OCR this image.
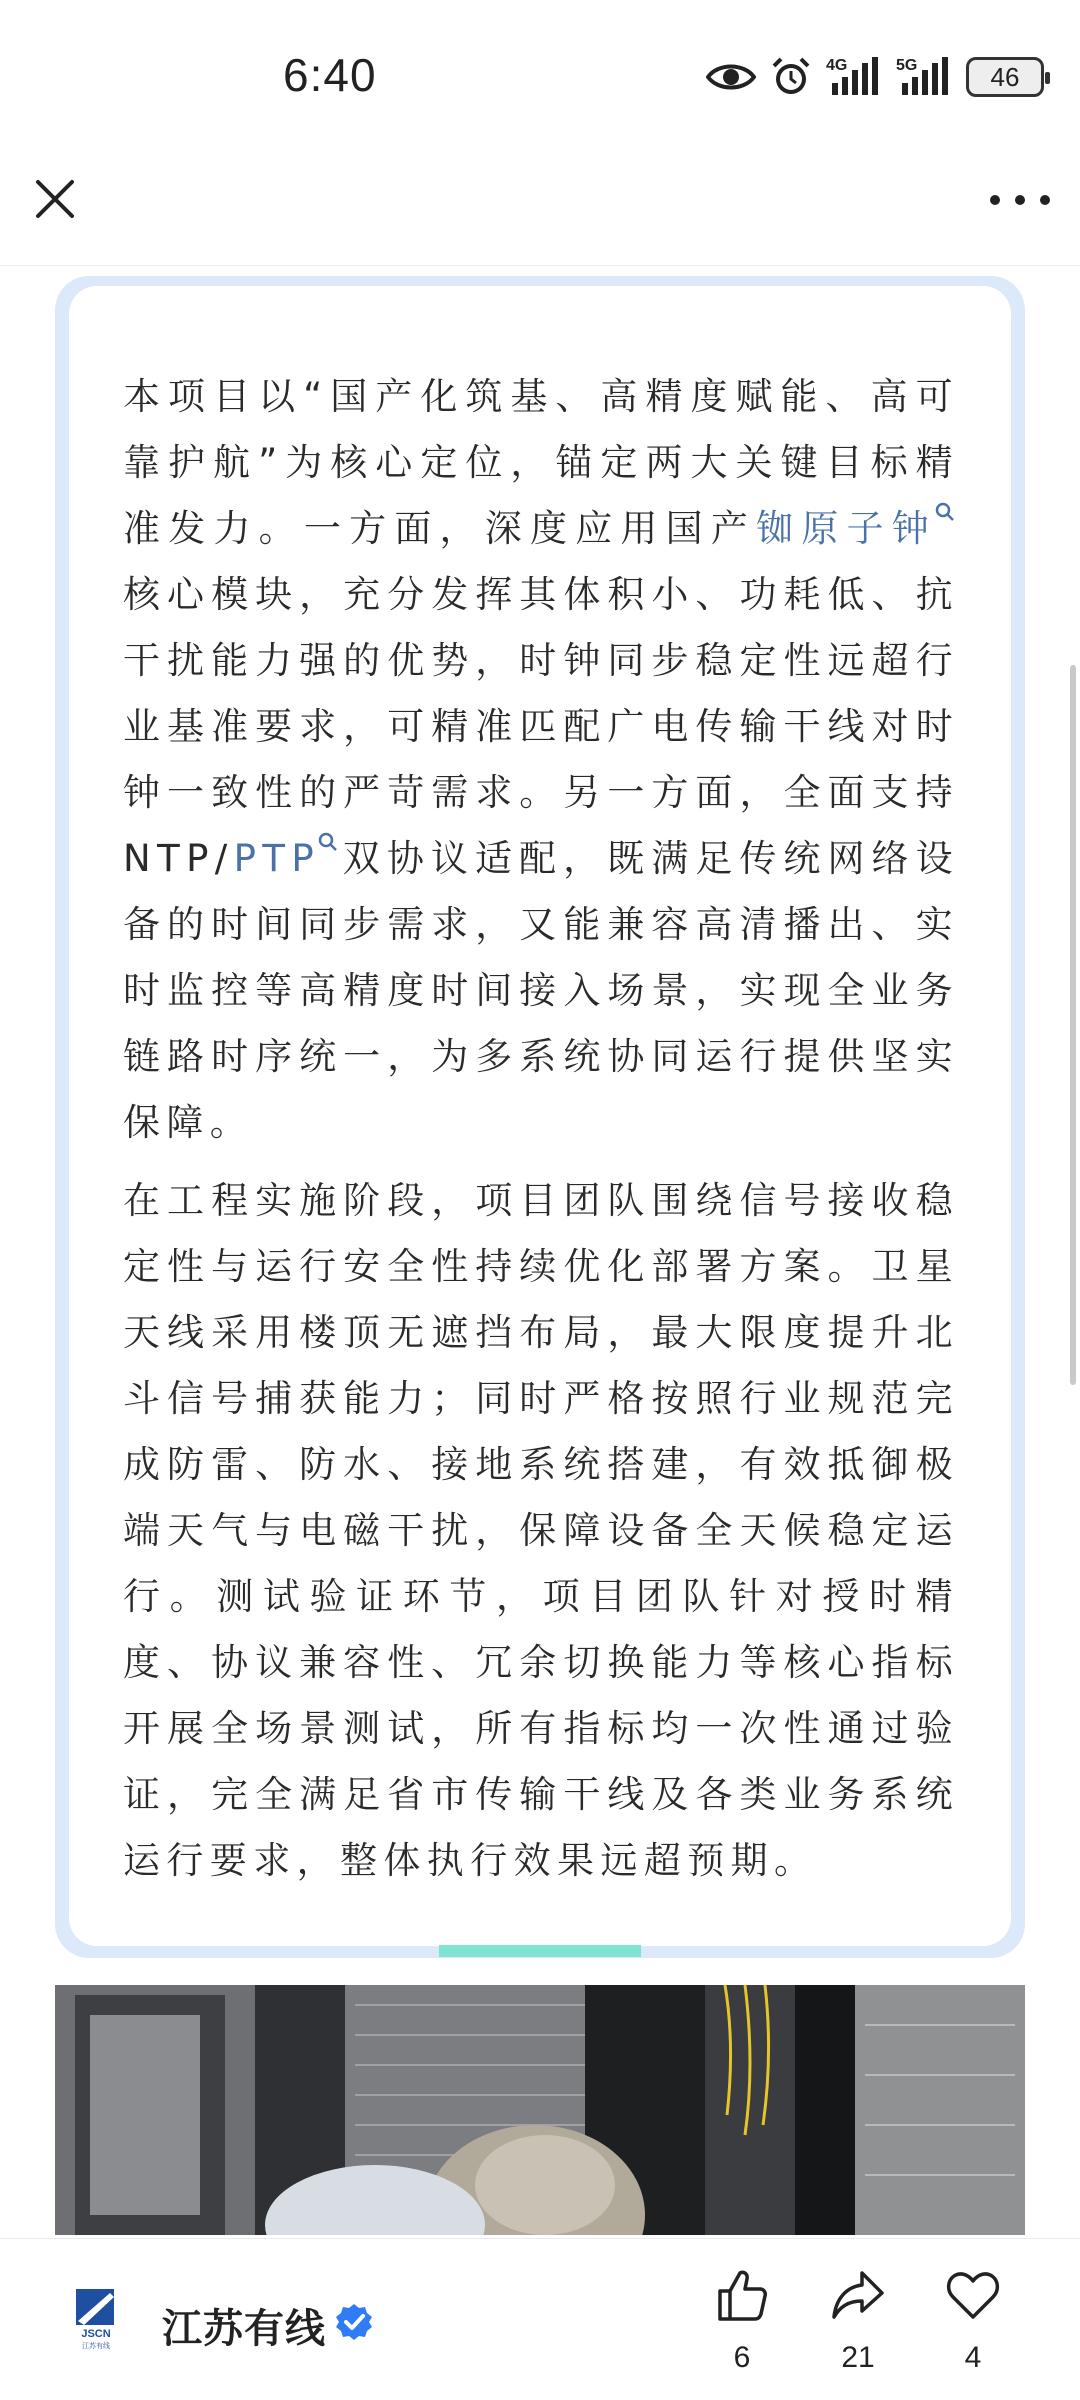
6:40	4G	5G	46
本项目以“国产化筑基、高精度赋能、高可靠护航”为核心定位，锚定两大关键目标精准发力。一方面，深度应用国产铷原子钟核心模块，充分发挥其体积小、功耗低、抗干扰能力强的优势，时钟同步稳定性远超行业基准要求，可精准匹配广电传输干线对时钟一致性的严苛需求。另一方面，全面支持NTP/PTP 双协议适配，既满足传统网络设备的时间同步需求，又能兼容高清播出、实时监控等高精度时间接入场景，实现全业务链路时序统一，为多系统协同运行提供坚实保障。
在工程实施阶段，项目团队围绕信号接收稳定性与运行安全性持续优化部署方案。卫星天线采用楼顶无遮挡布局，最大限度提升北斗信号捕获能力；同时严格按照行业规范完成防雷、防水、接地系统搭建，有效抵御极端天气与电磁干扰，保障设备全天候稳定运行。测试验证环节，项目团队针对授时精度、协议兼容性、冗余切换能力等核心指标开展全场景测试，所有指标均一次性通过验证，完全满足省市传输干线及各类业务系统运行要求，整体执行效果远超预期。
JSCN
江苏有线 江苏有线
6	21	4
